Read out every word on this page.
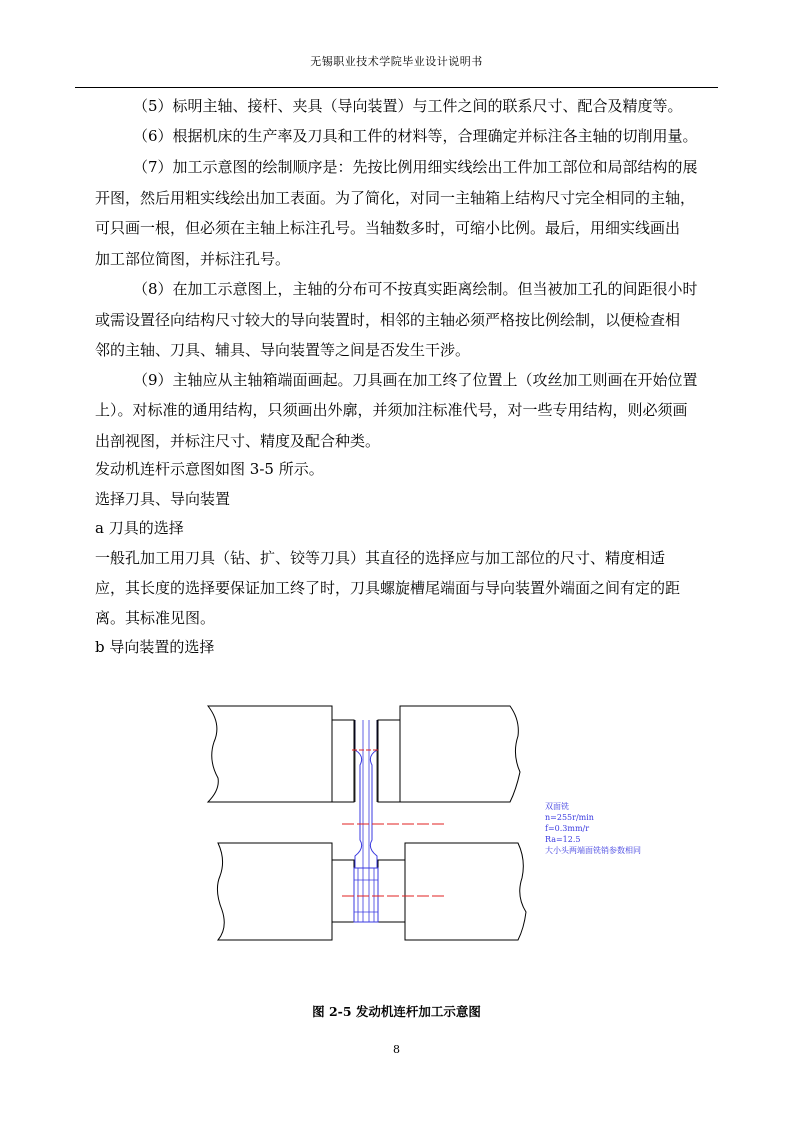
无锡职业技术学院毕业设计说明书
（5）标明主轴、接杆、夹具（导向装置）与工件之间的联系尺寸、配合及精度等。
（6）根据机床的生产率及刀具和工件的材料等，合理确定并标注各主轴的切削用量。
（7）加工示意图的绘制顺序是：先按比例用细实线绘出工件加工部位和局部结构的展
开图，然后用粗实线绘出加工表面。为了简化，对同一主轴箱上结构尺寸完全相同的主轴，
可只画一根，但必须在主轴上标注孔号。当轴数多时，可缩小比例。最后，用细实线画出
加工部位简图，并标注孔号。
（8）在加工示意图上，主轴的分布可不按真实距离绘制。但当被加工孔的间距很小时
或需设置径向结构尺寸较大的导向装置时，相邻的主轴必须严格按比例绘制，以便检查相
邻的主轴、刀具、辅具、导向装置等之间是否发生干涉。
（9）主轴应从主轴箱端面画起。刀具画在加工终了位置上（攻丝加工则画在开始位置
上）。对标准的通用结构，只须画出外廓，并须加注标准代号，对一些专用结构，则必须画
出剖视图，并标注尺寸、精度及配合种类。
发动机连杆示意图如图 3-5 所示。
选择刀具、导向装置
a 刀具的选择
一般孔加工用刀具（钻、扩、铰等刀具）其直径的选择应与加工部位的尺寸、精度相适
应，其长度的选择要保证加工终了时，刀具螺旋槽尾端面与导向装置外端面之间有定的距
离。其标准见图。
b 导向装置的选择
双面铣
n=255r/min
f=0.3mm/r
Ra=12.5
大小头两端面铣销参数相同
图 2-5 发动机连杆加工示意图
8
